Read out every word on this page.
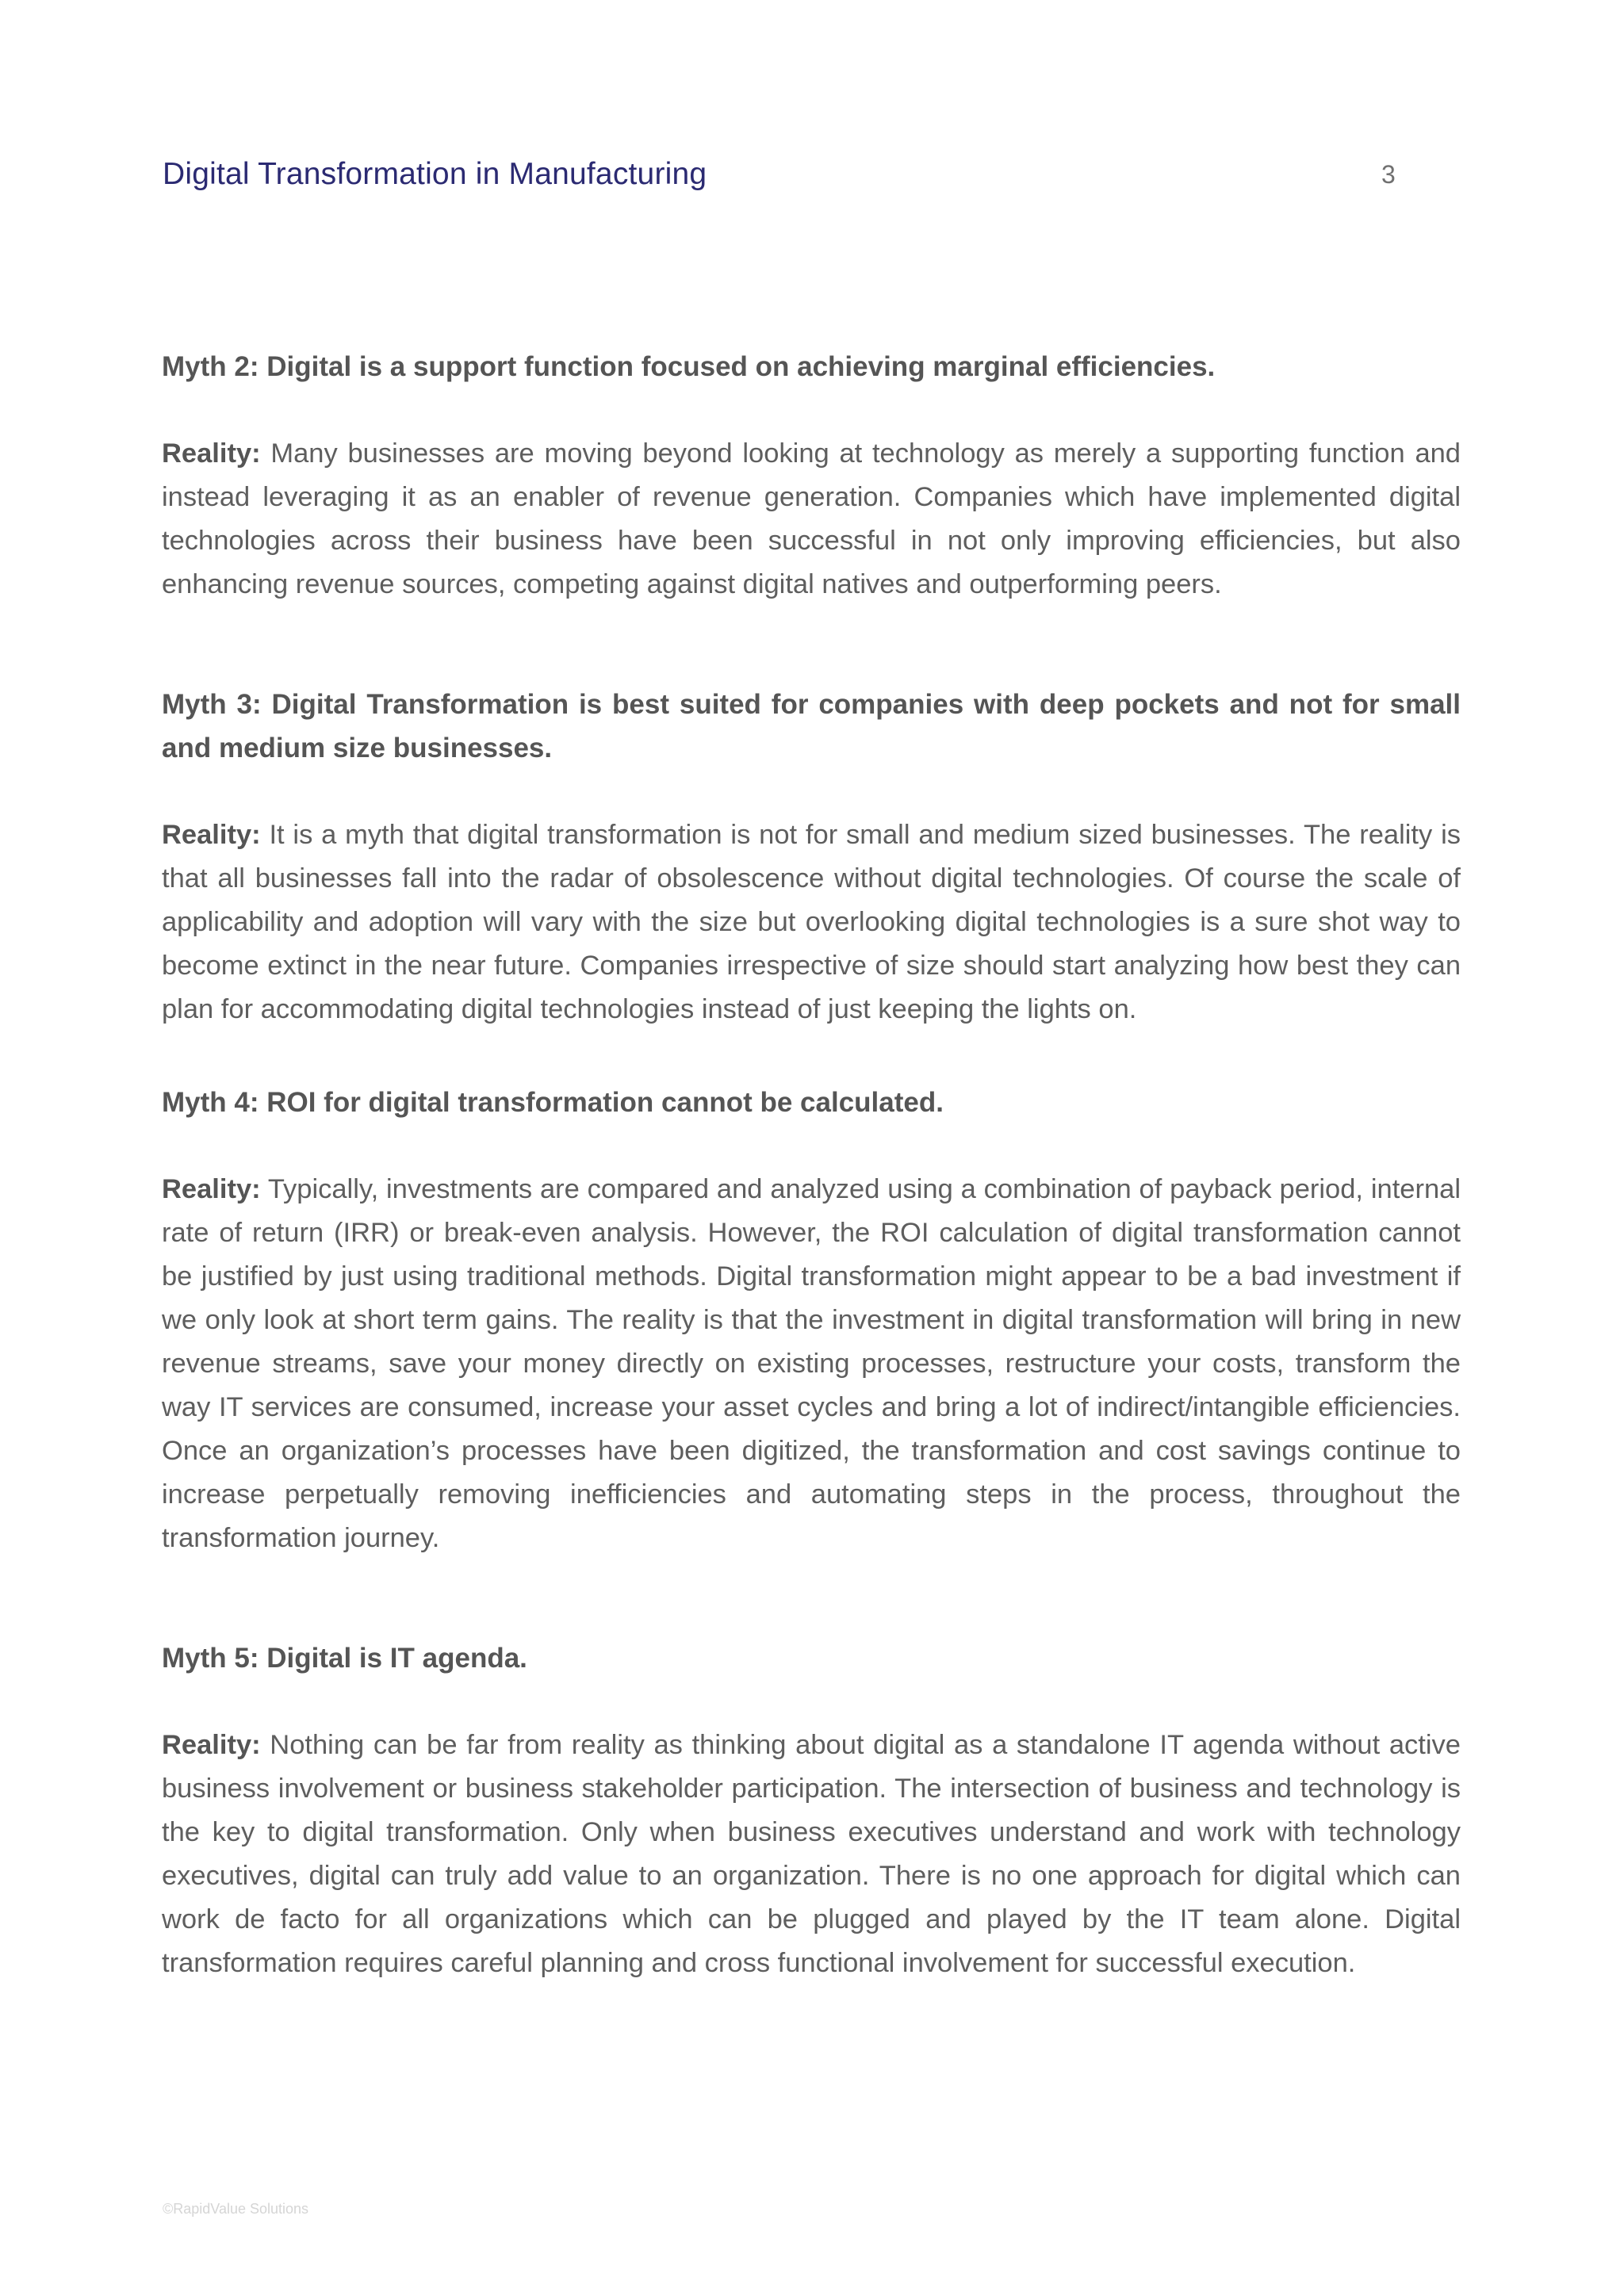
Digital Transformation in Manufacturing	3

Myth 2: Digital is a support function focused on achieving marginal efficiencies.

Reality: Many businesses are moving beyond looking at technology as merely a supporting function and instead leveraging it as an enabler of revenue generation. Companies which have implemented digital technologies across their business have been successful in not only improving efficiencies, but also enhancing revenue sources, competing against digital natives and outperforming peers.

Myth 3: Digital Transformation is best suited for companies with deep pockets and not for small and medium size businesses.

Reality: It is a myth that digital transformation is not for small and medium sized businesses. The reality is that all businesses fall into the radar of obsolescence without digital technologies. Of course the scale of applicability and adoption will vary with the size but overlooking digital technologies is a sure shot way to become extinct in the near future. Companies irrespective of size should start analyzing how best they can plan for accommodating digital technologies instead of just keeping the lights on.

Myth 4: ROI for digital transformation cannot be calculated.

Reality: Typically, investments are compared and analyzed using a combination of payback period, internal rate of return (IRR) or break-even analysis. However, the ROI calculation of digital transformation cannot be justified by just using traditional methods. Digital transformation might appear to be a bad investment if we only look at short term gains. The reality is that the investment in digital transformation will bring in new revenue streams, save your money directly on existing processes, restructure your costs, transform the way IT services are consumed, increase your asset cycles and bring a lot of indirect/intangible efficiencies. Once an organization’s processes have been digitized, the transformation and cost savings continue to increase perpetually removing inefficiencies and automating steps in the process, throughout the transformation journey.

Myth 5: Digital is IT agenda.

Reality: Nothing can be far from reality as thinking about digital as a standalone IT agenda without active business involvement or business stakeholder participation. The intersection of business and technology is the key to digital transformation. Only when business executives understand and work with technology executives, digital can truly add value to an organization. There is no one approach for digital which can work de facto for all organizations which can be plugged and played by the IT team alone. Digital transformation requires careful planning and cross functional involvement for successful execution.

©RapidValue Solutions
